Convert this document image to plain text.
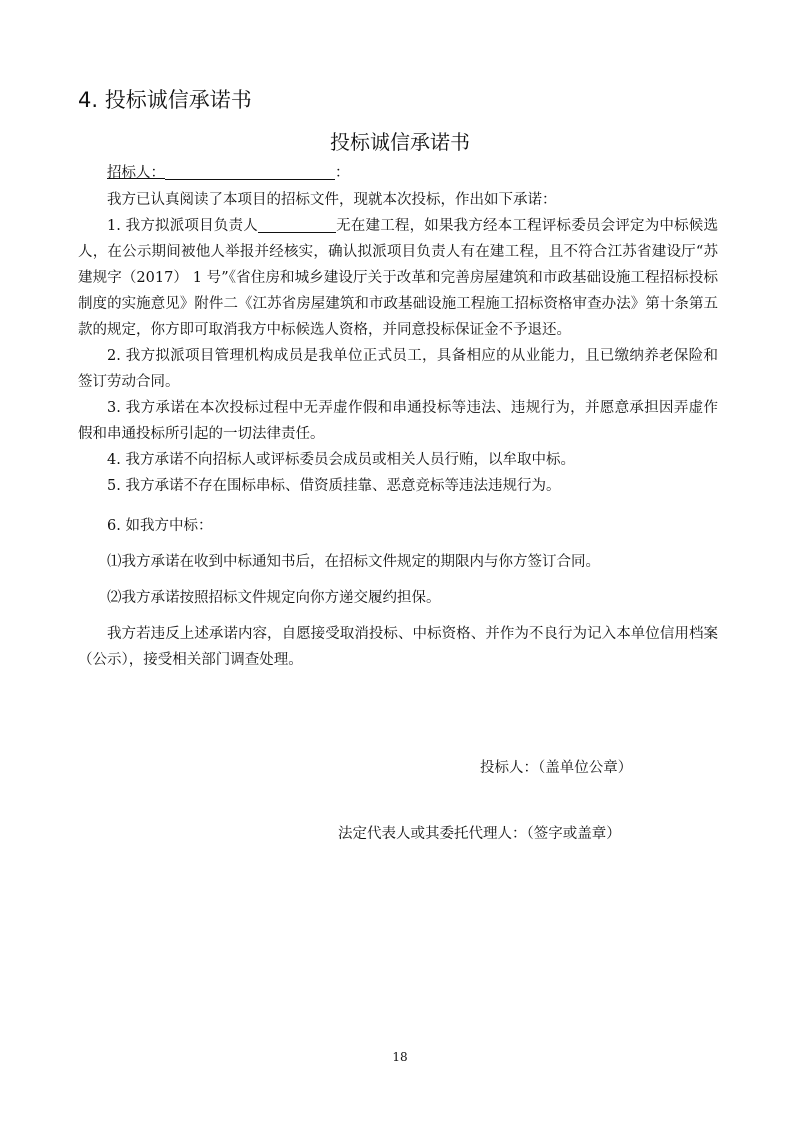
4. 投标诚信承诺书
投标诚信承诺书
招标人：	：

我方已认真阅读了本项目的招标文件，现就本次投标，作出如下承诺：

1. 我方拟派项目负责人	无在建工程，如果我方经本工程评标委员会评定为中标候选人，在公示期间被他人举报并经核实，确认拟派项目负责人有在建工程，且不符合江苏省建设厅“苏建规字（2017） 1 号”《省住房和城乡建设厅关于改革和完善房屋建筑和市政基础设施工程招标投标制度的实施意见》附件二《江苏省房屋建筑和市政基础设施工程施工招标资格审查办法》第十条第五款的规定，你方即可取消我方中标候选人资格，并同意投标保证金不予退还。

2. 我方拟派项目管理机构成员是我单位正式员工，具备相应的从业能力，且已缴纳养老保险和签订劳动合同。

3. 我方承诺在本次投标过程中无弄虚作假和串通投标等违法、违规行为，并愿意承担因弄虚作假和串通投标所引起的一切法律责任。

4. 我方承诺不向招标人或评标委员会成员或相关人员行贿，以牟取中标。

5. 我方承诺不存在围标串标、借资质挂靠、恶意竞标等违法违规行为。

6. 如我方中标：

⑴我方承诺在收到中标通知书后，在招标文件规定的期限内与你方签订合同。

⑵我方承诺按照招标文件规定向你方递交履约担保。

我方若违反上述承诺内容，自愿接受取消投标、中标资格、并作为不良行为记入本单位信用档案（公示），接受相关部门调查处理。

投标人：（盖单位公章）
法定代表人或其委托代理人：（签字或盖章）
18
